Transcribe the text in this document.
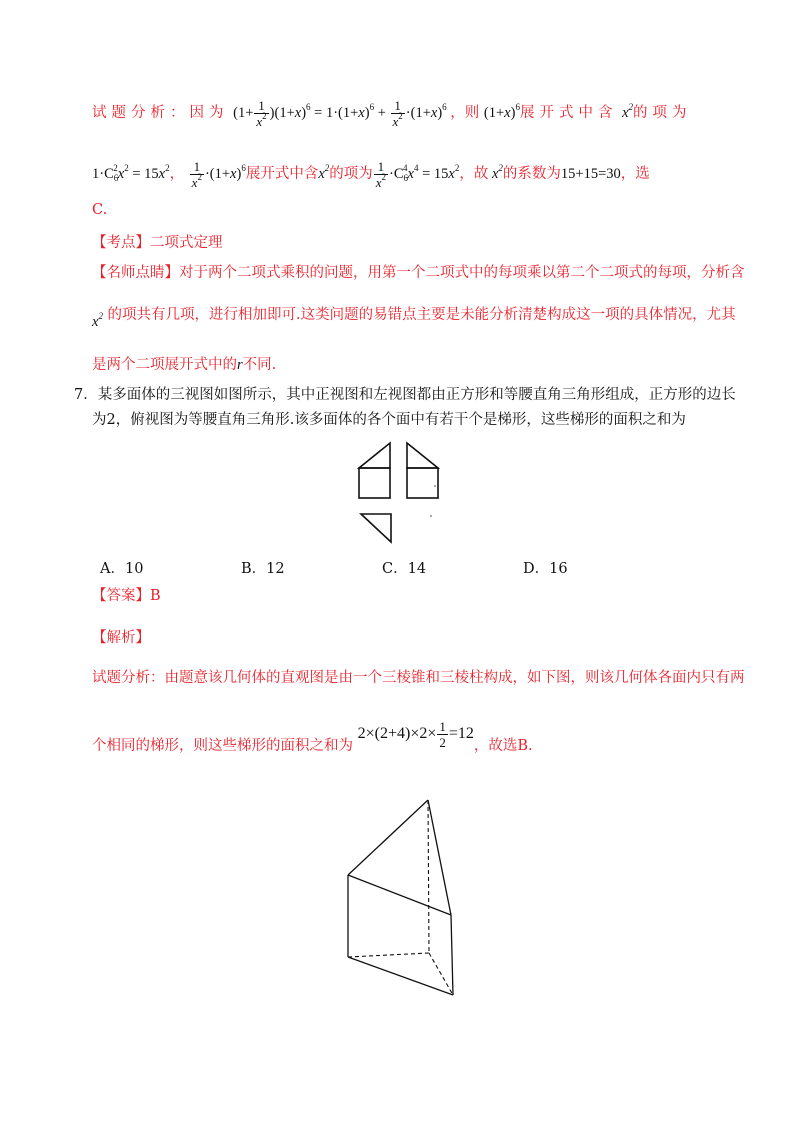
试题分析：因为 $(1+ \frac{1}{x^2} )(1+x)^6 = 1\cdot(1+x)^6 + \frac{1}{x^2} \cdot(1+x)^6$ ，则 $(1+x)^6$展开式中含 $x^2$的项为
$1\cdot C_6^2x^2 = 15x^2$， $\frac{1}{x^2} \cdot(1+x)^6$展开式中含$x^2$的项为 $\frac{1}{x^2} \cdot C_6^4x^4 = 15x^2$，故 $x^2$的系数为15+15=30，选
C.
【考点】二项式定理
【名师点睛】对于两个二项式乘积的问题，用第一个二项式中的每项乘以第二个二项式的每项，分析含
$x^2$ 的项共有几项，进行相加即可.这类问题的易错点主要是未能分析清楚构成这一项的具体情况，尤其
是两个二项展开式中的r不同.
7．某多面体的三视图如图所示，其中正视图和左视图都由正方形和等腰直角三角形组成，正方形的边长
为2，俯视图为等腰直角三角形.该多面体的各个面中有若干个是梯形，这些梯形的面积之和为
A．10	B．12	C．14	D．16
【答案】B
【解析】
试题分析：由题意该几何体的直观图是由一个三棱锥和三棱柱构成，如下图，则该几何体各面内只有两
个相同的梯形，则这些梯形的面积之和为 $2\times(2+4)\times 2\times \frac{1}{2} =12$，故选B.
